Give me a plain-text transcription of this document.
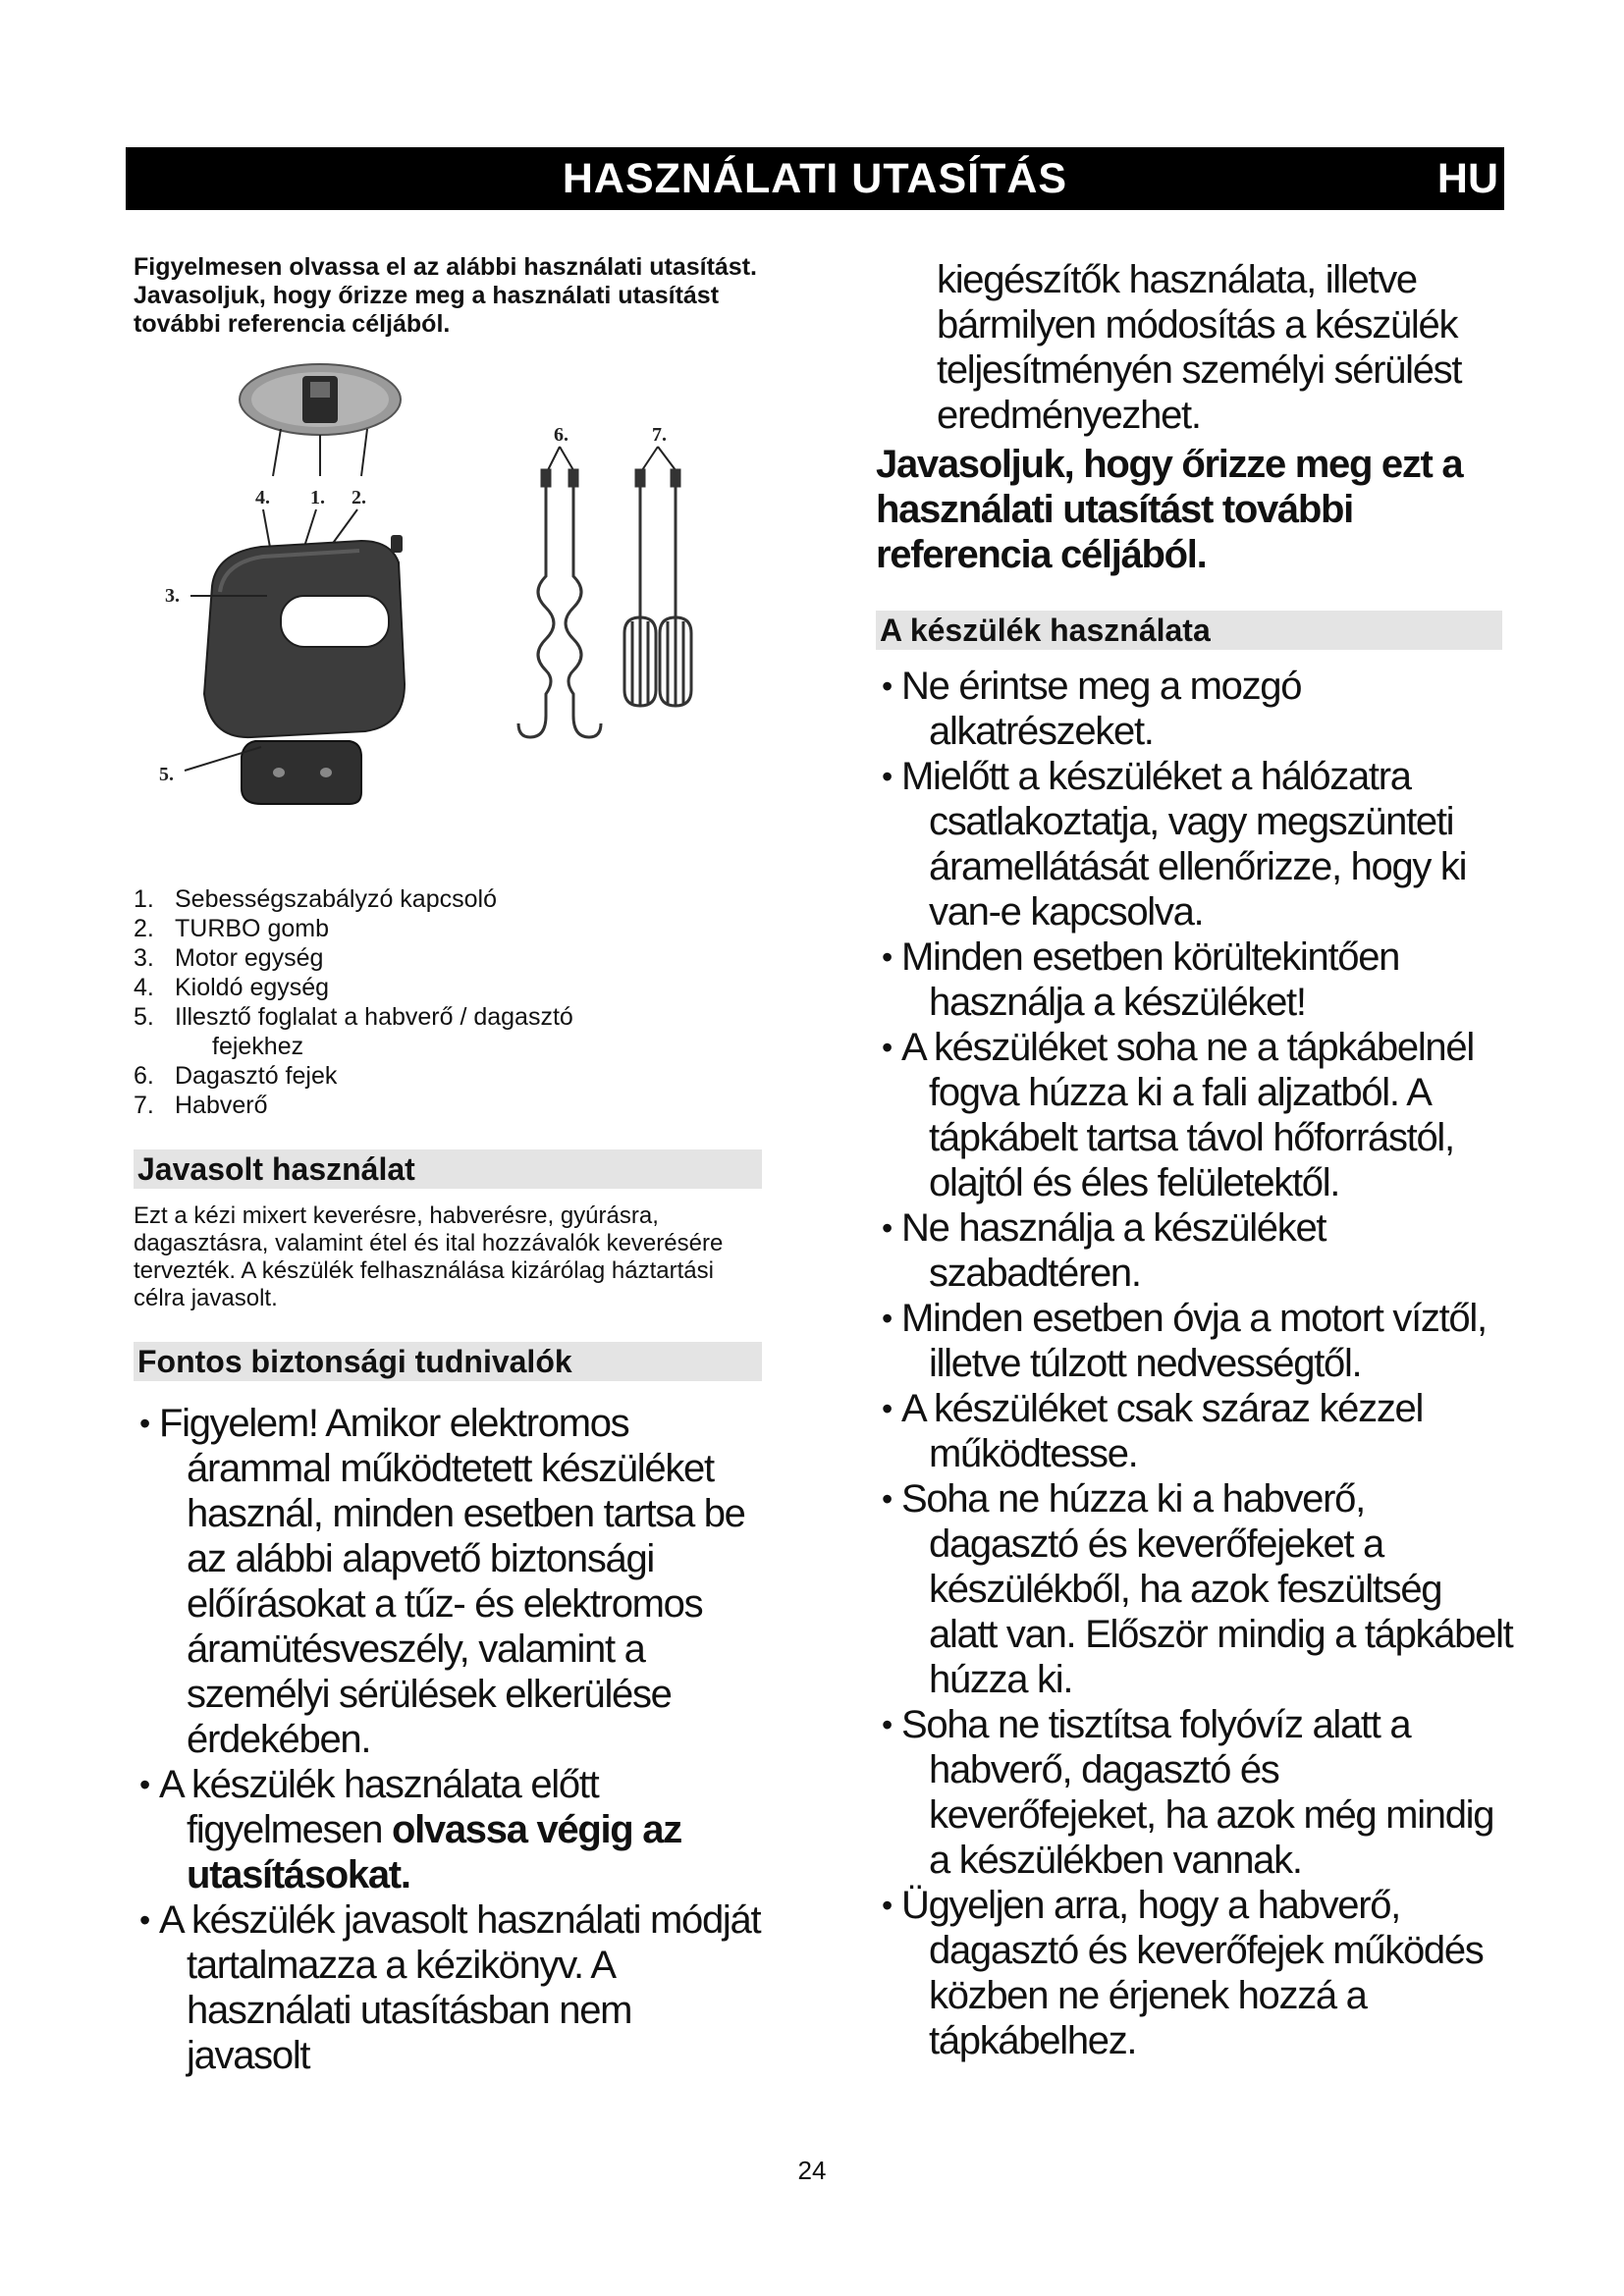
HASZNÁLATI UTASÍTÁS	HU

Figyelmesen olvassa el az alábbi használati utasítást. Javasoljuk, hogy őrizze meg a használati utasítást további referencia céljából.

4. 1. 2.
3.
5.
6.	7.
1. Sebességszabályzó kapcsoló
2. TURBO gomb
3. Motor egység
4. Kioldó egység
5. Illesztő foglalat a habverő / dagasztó
fejekhez
6. Dagasztó fejek
7. Habverő
Javasolt használat

Ezt a kézi mixert keverésre, habverésre, gyúrásra, dagasztásra, valamint étel és ital hozzávalók keverésére tervezték. A készülék felhasználása kizárólag háztartási célra javasolt.

Fontos biztonsági tudnivalók
• Figyelem! Amikor elektromos árammal működtetett készüléket használ, minden esetben tartsa be az alábbi alapvető biztonsági előírásokat a tűz- és elektromos áramütésveszély, valamint a személyi sérülések elkerülése érdekében.
• A készülék használata előtt figyelmesen olvassa végig az utasításokat.
• A készülék javasolt használati módját tartalmazza a kézikönyv. A használati utasításban nem javasolt

kiegészítők használata, illetve bármilyen módosítás a készülék teljesítményén személyi sérülést eredményezhet.

Javasoljuk, hogy őrizze meg ezt a használati utasítást további referencia céljából.

A készülék használata
• Ne érintse meg a mozgó alkatrészeket.
• Mielőtt a készüléket a hálózatra csatlakoztatja, vagy megszünteti áramellátását ellenőrizze, hogy ki van-e kapcsolva.
• Minden esetben körültekintően használja a készüléket!
• A készüléket soha ne a tápkábelnél fogva húzza ki a fali aljzatból. A tápkábelt tartsa távol hőforrástól, olajtól és éles felületektől.
• Ne használja a készüléket szabadtéren.
• Minden esetben óvja a motort víztől, illetve túlzott nedvességtől.
• A készüléket csak száraz kézzel működtesse.
• Soha ne húzza ki a habverő, dagasztó és keverőfejeket a készülékből, ha azok feszültség alatt van. Először mindig a tápkábelt húzza ki.
• Soha ne tisztítsa folyóvíz alatt a habverő, dagasztó és keverőfejeket, ha azok még mindig a készülékben vannak.
• Ügyeljen arra, hogy a habverő, dagasztó és keverőfejek működés közben ne érjenek hozzá a tápkábelhez.
24
